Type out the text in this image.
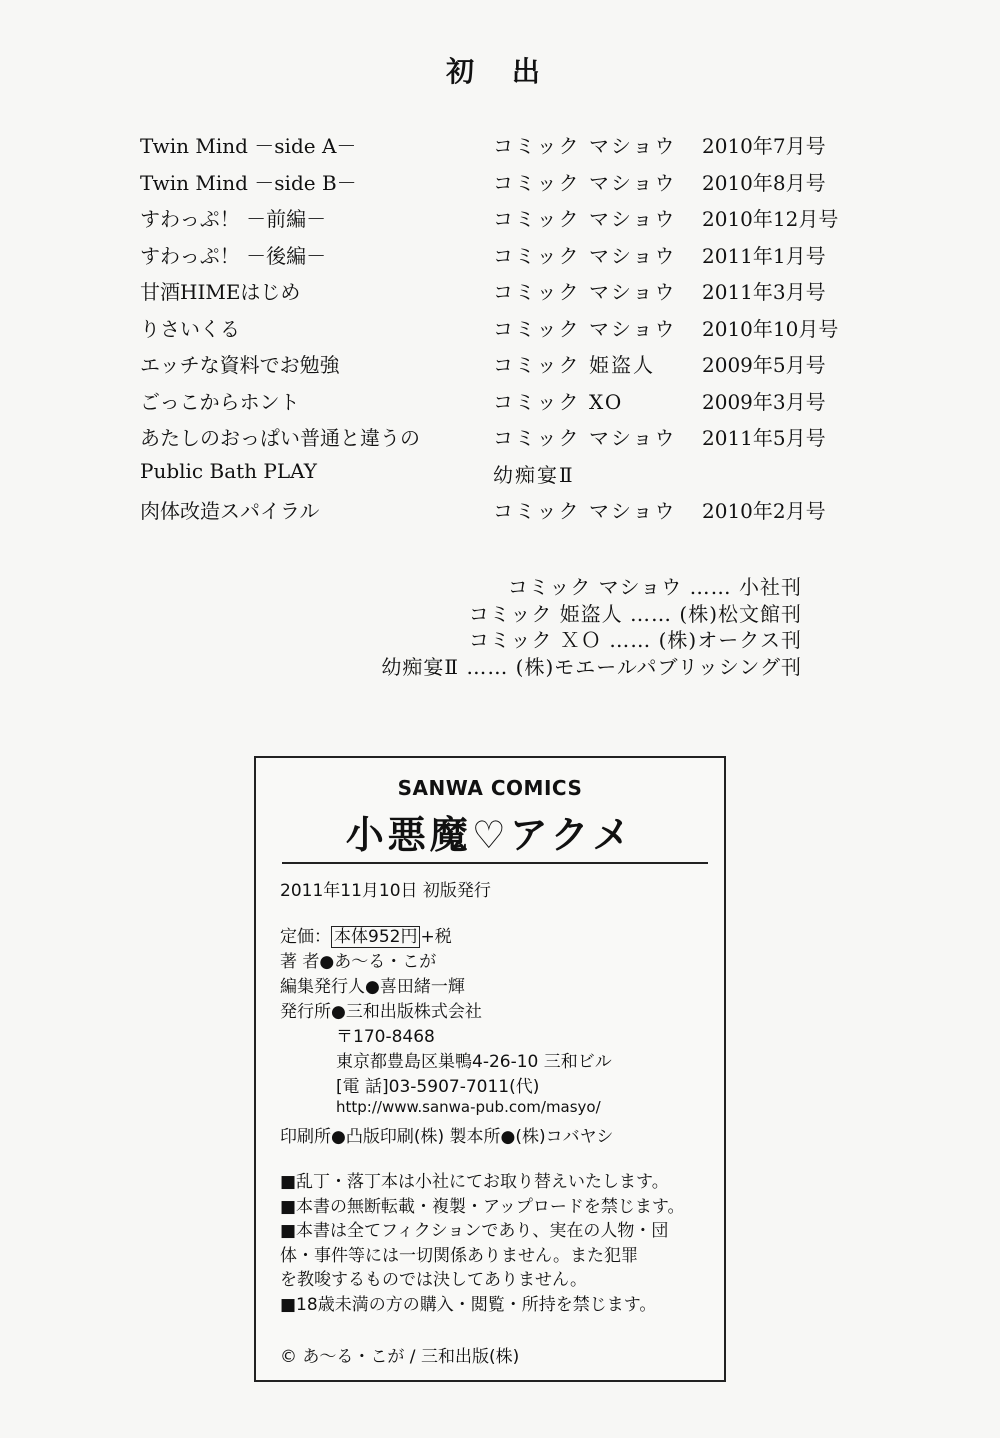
初 出
Twin Mind －side A－	コミック マショウ 2010年7月号
Twin Mind －side B－	コミック マショウ 2010年8月号
すわっぷ！ －前編－	コミック マショウ 2010年12月号
すわっぷ！ －後編－	コミック マショウ 2011年1月号
甘酒HIMEはじめ	コミック マショウ 2011年3月号
りさいくる	コミック マショウ 2010年10月号
エッチな資料でお勉強	コミック 姫盗人 2009年5月号
ごっこからホント	コミック XO	2009年3月号
あたしのおっぱい普通と違うの	コミック マショウ 2011年5月号
Public Bath PLAY	幼痴宴Ⅱ
肉体改造スパイラル	コミック マショウ 2010年2月号
コミック マショウ …… 小社刊
コミック 姫盗人 …… (株)松文館刊
コミック ＸＯ …… (株)オークス刊
幼痴宴Ⅱ …… (株)モエールパブリッシング刊
SANWA COMICS
小悪魔♡アクメ
2011年11月10日 初版発行
定価： 本体952円 +税
著 者●あ～る・こが
編集発行人●喜田緒一輝
発行所●三和出版株式会社
〒170-8468
東京都豊島区巣鴨4-26-10 三和ビル
[電 話]03-5907-7011(代)
http://www.sanwa-pub.com/masyo/
印刷所●凸版印刷(株) 製本所●(株)コバヤシ
■乱丁・落丁本は小社にてお取り替えいたします。
■本書の無断転載・複製・アップロードを禁じます。
■本書は全てフィクションであり、実在の人物・団
体・事件等には一切関係ありません。また犯罪
を教唆するものでは決してありません。
■18歳未満の方の購入・閲覧・所持を禁じます。
© あ～る・こが / 三和出版(株)
